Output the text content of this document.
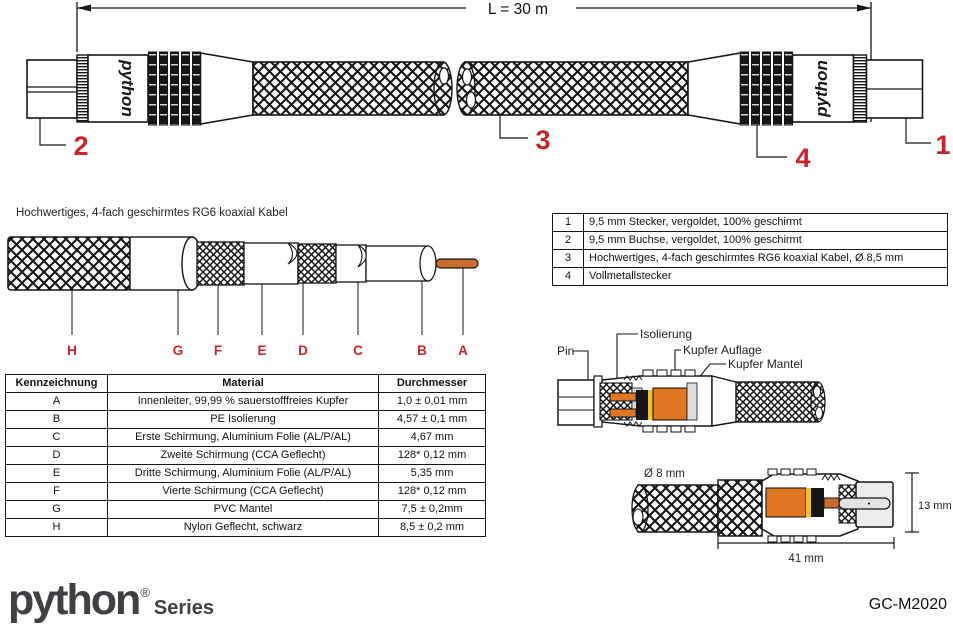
L = 30 m
python	python
2	3
4	1
Hochwertiges, 4-fach geschirmtes RG6 koaxial Kabel
H	G F	E D	C	B A
1	9,5 mm Stecker, vergoldet, 100% geschirmt
2	9,5 mm Buchse, vergoldet, 100% geschirmt
3	Hochwertiges, 4-fach geschirmtes RG6 koaxial Kabel, Ø 8,5 mm
4	Vollmetallstecker
Kennzeichnung	Material	Durchmesser
A	Innenleiter, 99,99 % sauerstofffreies Kupfer	1,0 ± 0,01 mm
B	PE Isolierung	4,57 ± 0,1 mm
C	Erste Schirmung, Aluminium Folie (AL/P/AL)	4,67 mm
D	Zweite Schirmung (CCA Geflecht)	128* 0,12 mm
E	Dritte Schirmung, Aluminium Folie (AL/P/AL)	5,35 mm
F	Vierte Schirmung (CCA Geflecht)	128* 0,12 mm
G	PVC Mantel	7,5 ± 0,2mm
H	Nylon Geflecht, schwarz	8,5 ± 0,2 mm
Pin
Isolierung
Kupfer Auflage
Kupfer Mantel
Ø 8 mm
13 mm
41 mm
python ®
Series	GC-M2020
